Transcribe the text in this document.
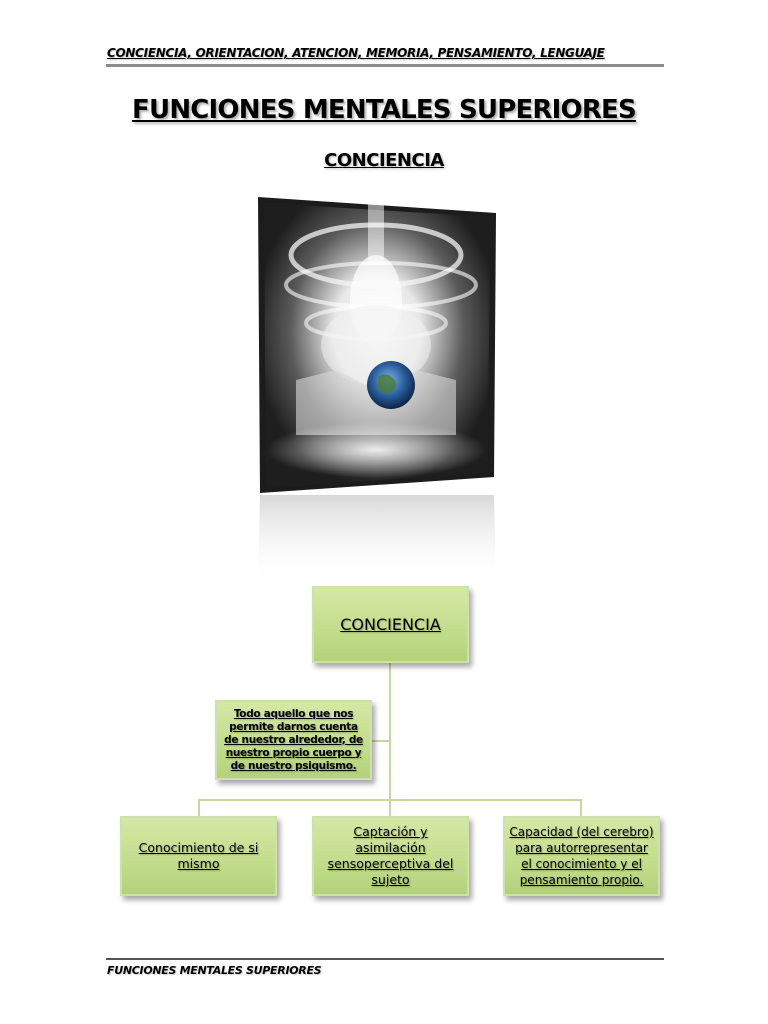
CONCIENCIA, ORIENTACION, ATENCION, MEMORIA, PENSAMIENTO, LENGUAJE
FUNCIONES MENTALES SUPERIORES
CONCIENCIA
CONCIENCIA
Todo aquello que nos permite darnos cuenta de nuestro alrededor, de nuestro propio cuerpo y de nuestro psiquismo.
Conocimiento de si mismo
Captación y asimilación sensoperceptiva del sujeto
Capacidad (del cerebro) para autorrepresentar el conocimiento y el pensamiento propio.
FUNCIONES MENTALES SUPERIORES
